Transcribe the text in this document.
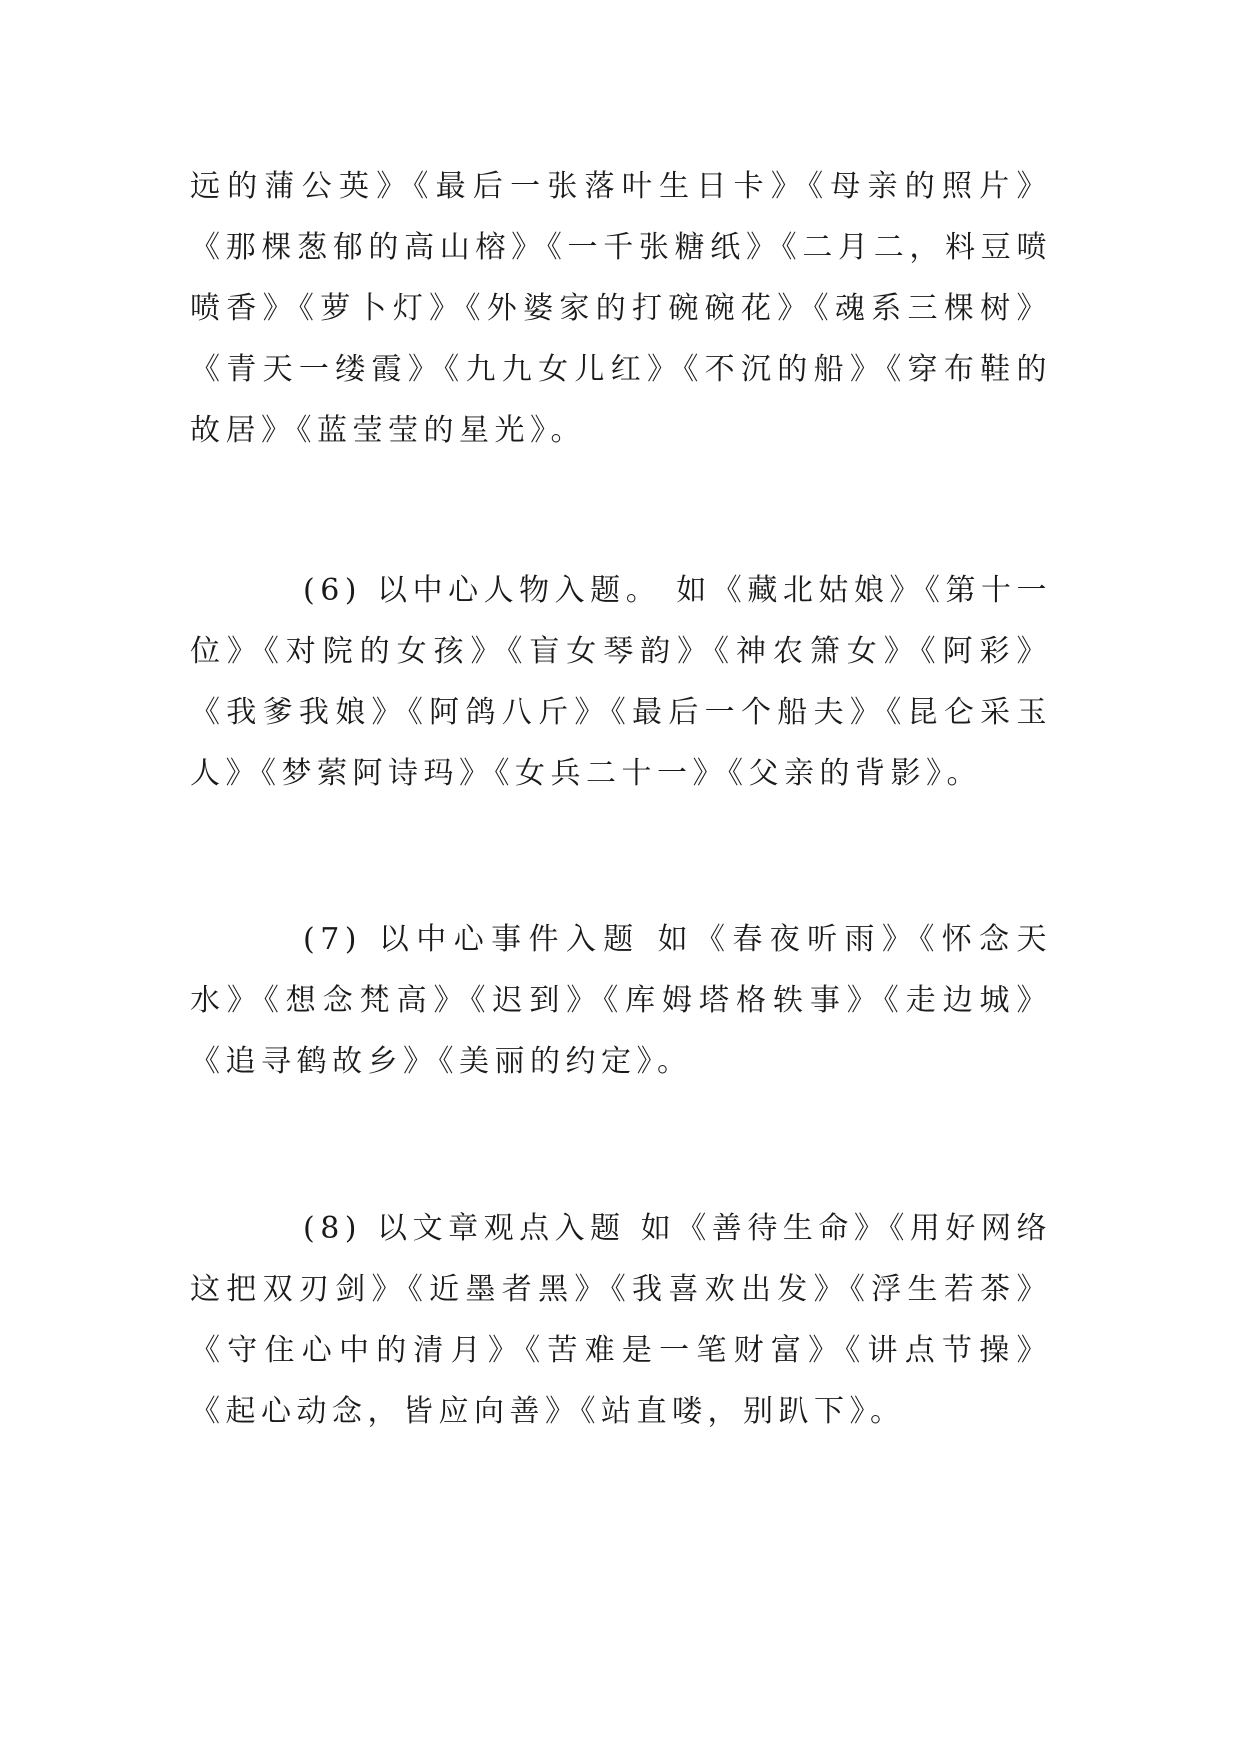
远的蒲公英》《最后一张落叶生日卡》《母亲的照片》《那棵葱郁的高山榕》《一千张糖纸》《二月二，料豆喷喷香》《萝卜灯》《外婆家的打碗碗花》《魂系三棵树》《青天一缕霞》《九九女儿红》《不沉的船》《穿布鞋的故居》《蓝莹莹的星光》。

(6) 以中心人物入题。 如《藏北姑娘》《第十一位》《对院的女孩》《盲女琴韵》《神农箫女》《阿彩》《我爹我娘》《阿鸽八斤》《最后一个船夫》《昆仑采玉人》《梦萦阿诗玛》《女兵二十一》《父亲的背影》。

(7) 以中心事件入题 如《春夜听雨》《怀念天水》《想念梵高》《迟到》《库姆塔格轶事》《走边城》《追寻鹤故乡》《美丽的约定》。

(8) 以文章观点入题 如《善待生命》《用好网络这把双刃剑》《近墨者黑》《我喜欢出发》《浮生若茶》《守住心中的清月》《苦难是一笔财富》《讲点节操》《起心动念，皆应向善》《站直喽，别趴下》。
